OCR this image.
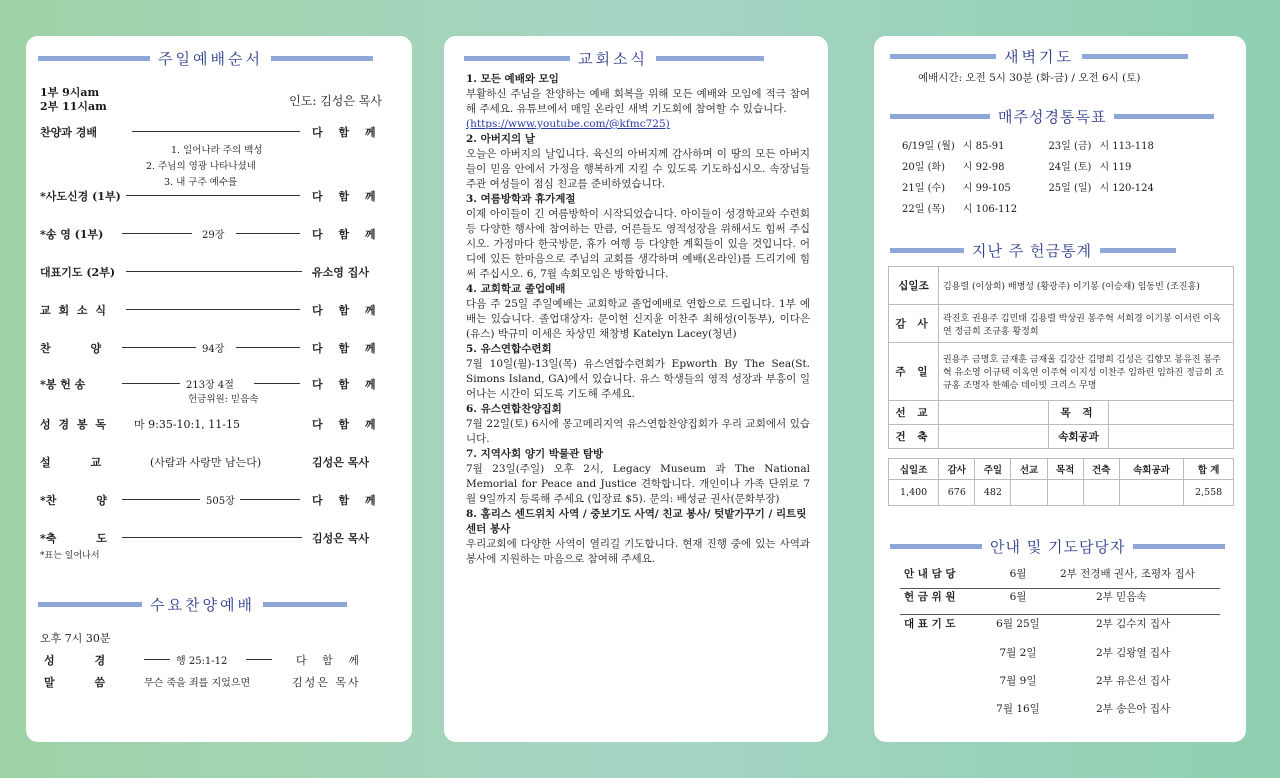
주일예배순서
1부 9시am
2부 11시am	인도: 김성은 목사
찬양과 경배	다 함 께
1. 일어나라 주의 백성
2. 주님의 영광 나타나셨네
3. 내 구주 예수를
*사도신경 (1부)	다 함 께
*송 영 (1부)	29장	다 함 께
대표기도 (2부)	유소영 집사
교 회 소 식	다 함 께
찬 양	94장	다 함 께
*봉 헌 송	213장 4절	다 함 께
헌금위원: 믿음속
성 경 봉 독 마 9:35-10:1, 11-15	다 함 께
설 교	(사람과 사랑만 남는다)	김성은 목사
*찬 양	505장	다 함 께
*축 도	김성은 목사
*표는 일어나서
수요찬양예배
오후 7시 30분
성 경	행 25:1-12	다 함 께
말 씀	무슨 죽을 죄를 지었으면	김성은 목사
교회소식
1. 모든 예배와 모임

부활하신 주님을 찬양하는 예배 회복을 위해 모든 예배와 모임에 적극 참여해 주세요. 유튜브에서 매일 온라인 새벽 기도회에 참여할 수 있습니다.

(https://www.youtube.com/@kfmc725)
2. 아버지의 날

오늘은 아버지의 날입니다. 육신의 아버지께 감사하며 이 땅의 모든 아버지들이 믿음 안에서 가정을 행복하게 지킬 수 있도록 기도하십시오. 속장님들 주관 여성들이 점심 친교를 준비하였습니다.

3. 여름방학과 휴가계절

이제 아이들이 긴 여름방학이 시작되었습니다. 아이들이 성경학교와 수련회 등 다양한 행사에 참여하는 만큼, 어른들도 영적성장을 위해서도 힘써 주십시오. 가정마다 한국방문, 휴가 여행 등 다양한 계획들이 있을 것입니다. 어디에 있든 한마음으로 주님의 교회를 생각하며 예배(온라인)를 드리기에 힘써 주십시오. 6, 7월 속회모임은 방학합니다.

4. 교회학교 졸업예배

다음 주 25일 주일예배는 교회학교 졸업예배로 연합으로 드립니다. 1부 예배는 있습니다. 졸업대상자: 문이현 신지윤 이찬주 최해성(이동부), 이다은(유스) 박규미 이세은 차상민 채창병 Katelyn Lacey(청년)

5. 유스연합수련회

7월 10일(월)-13일(목) 유스연합수련회가 Epworth By The Sea(St. Simons Island, GA)에서 있습니다. 유스 학생들의 영적 성장과 부흥이 일어나는 시간이 되도록 기도해 주세요.

6. 유스연합찬양집회

7월 22일(토) 6시에 몽고메리지역 유스연합찬양집회가 우리 교회에서 있습니다.

7. 지역사회 양기 박물관 탐방

7월 23일(주일) 오후 2시, Legacy Museum 과 The National Memorial for Peace and Justice 견학합니다. 개인이나 가족 단위로 7월 9일까지 등록해 주세요 (입장료 $5). 문의: 배성균 권사(문화부장)

8. 홈리스 센드위치 사역 / 중보기도 사역/ 친교 봉사/ 텃밭가꾸기 / 리트릿센터 봉사

우리교회에 다양한 사역이 열리길 기도합니다. 현재 진행 중에 있는 사역과 봉사에 지원하는 마음으로 참여해 주세요.

새벽기도
예배시간: 오전 5시 30분 (화-금) / 오전 6시 (토)
매주성경통독표
6/19일 (월)	시 85-91	23일 (금)	시 113-118
20일 (화)	시 92-98	24일 (토)	시 119
21일 (수)	시 99-105	25일 (일)	시 120-124
22일 (목)	시 106-112		
지난 주 헌금통계
십일조	김용렬 (이상희) 배병성 (황광주) 이기봉 (이승재) 임동빈 (조진홍)		
감 사	곽진호 권용주 김민태 김용렬 박상권 봉주혁 서희경 이기봉 이서린 이옥연 정금희 조규홍 황정희		
주 일	권용주 금명호 금재훈 금재울 김강산 김명희 김성은 김향모 봉유진 봉주혁 유소영 이규택 이옥연 이주혁 이지성 이찬주 임하린 임하진 정금희 조규홍 조명자 한혜승 데이빗 크리스 무명		
선 교		목 적	
건 축		속회공과	
십일조	감사	주일	선교	목적	건축	속회공과	합 계
1,400	676	482					2,558
안내 및 기도담당자
안 내 담 당	6월	2부 전경배 권사, 조평자 집사
헌 금 위 원	6월	2부 믿음속
대 표 기 도	6월 25일	2부 김수지 집사
	7월 2일	2부 김왕열 집사
	7월 9일	2부 유은선 집사
	7월 16일	2부 송은아 집사
